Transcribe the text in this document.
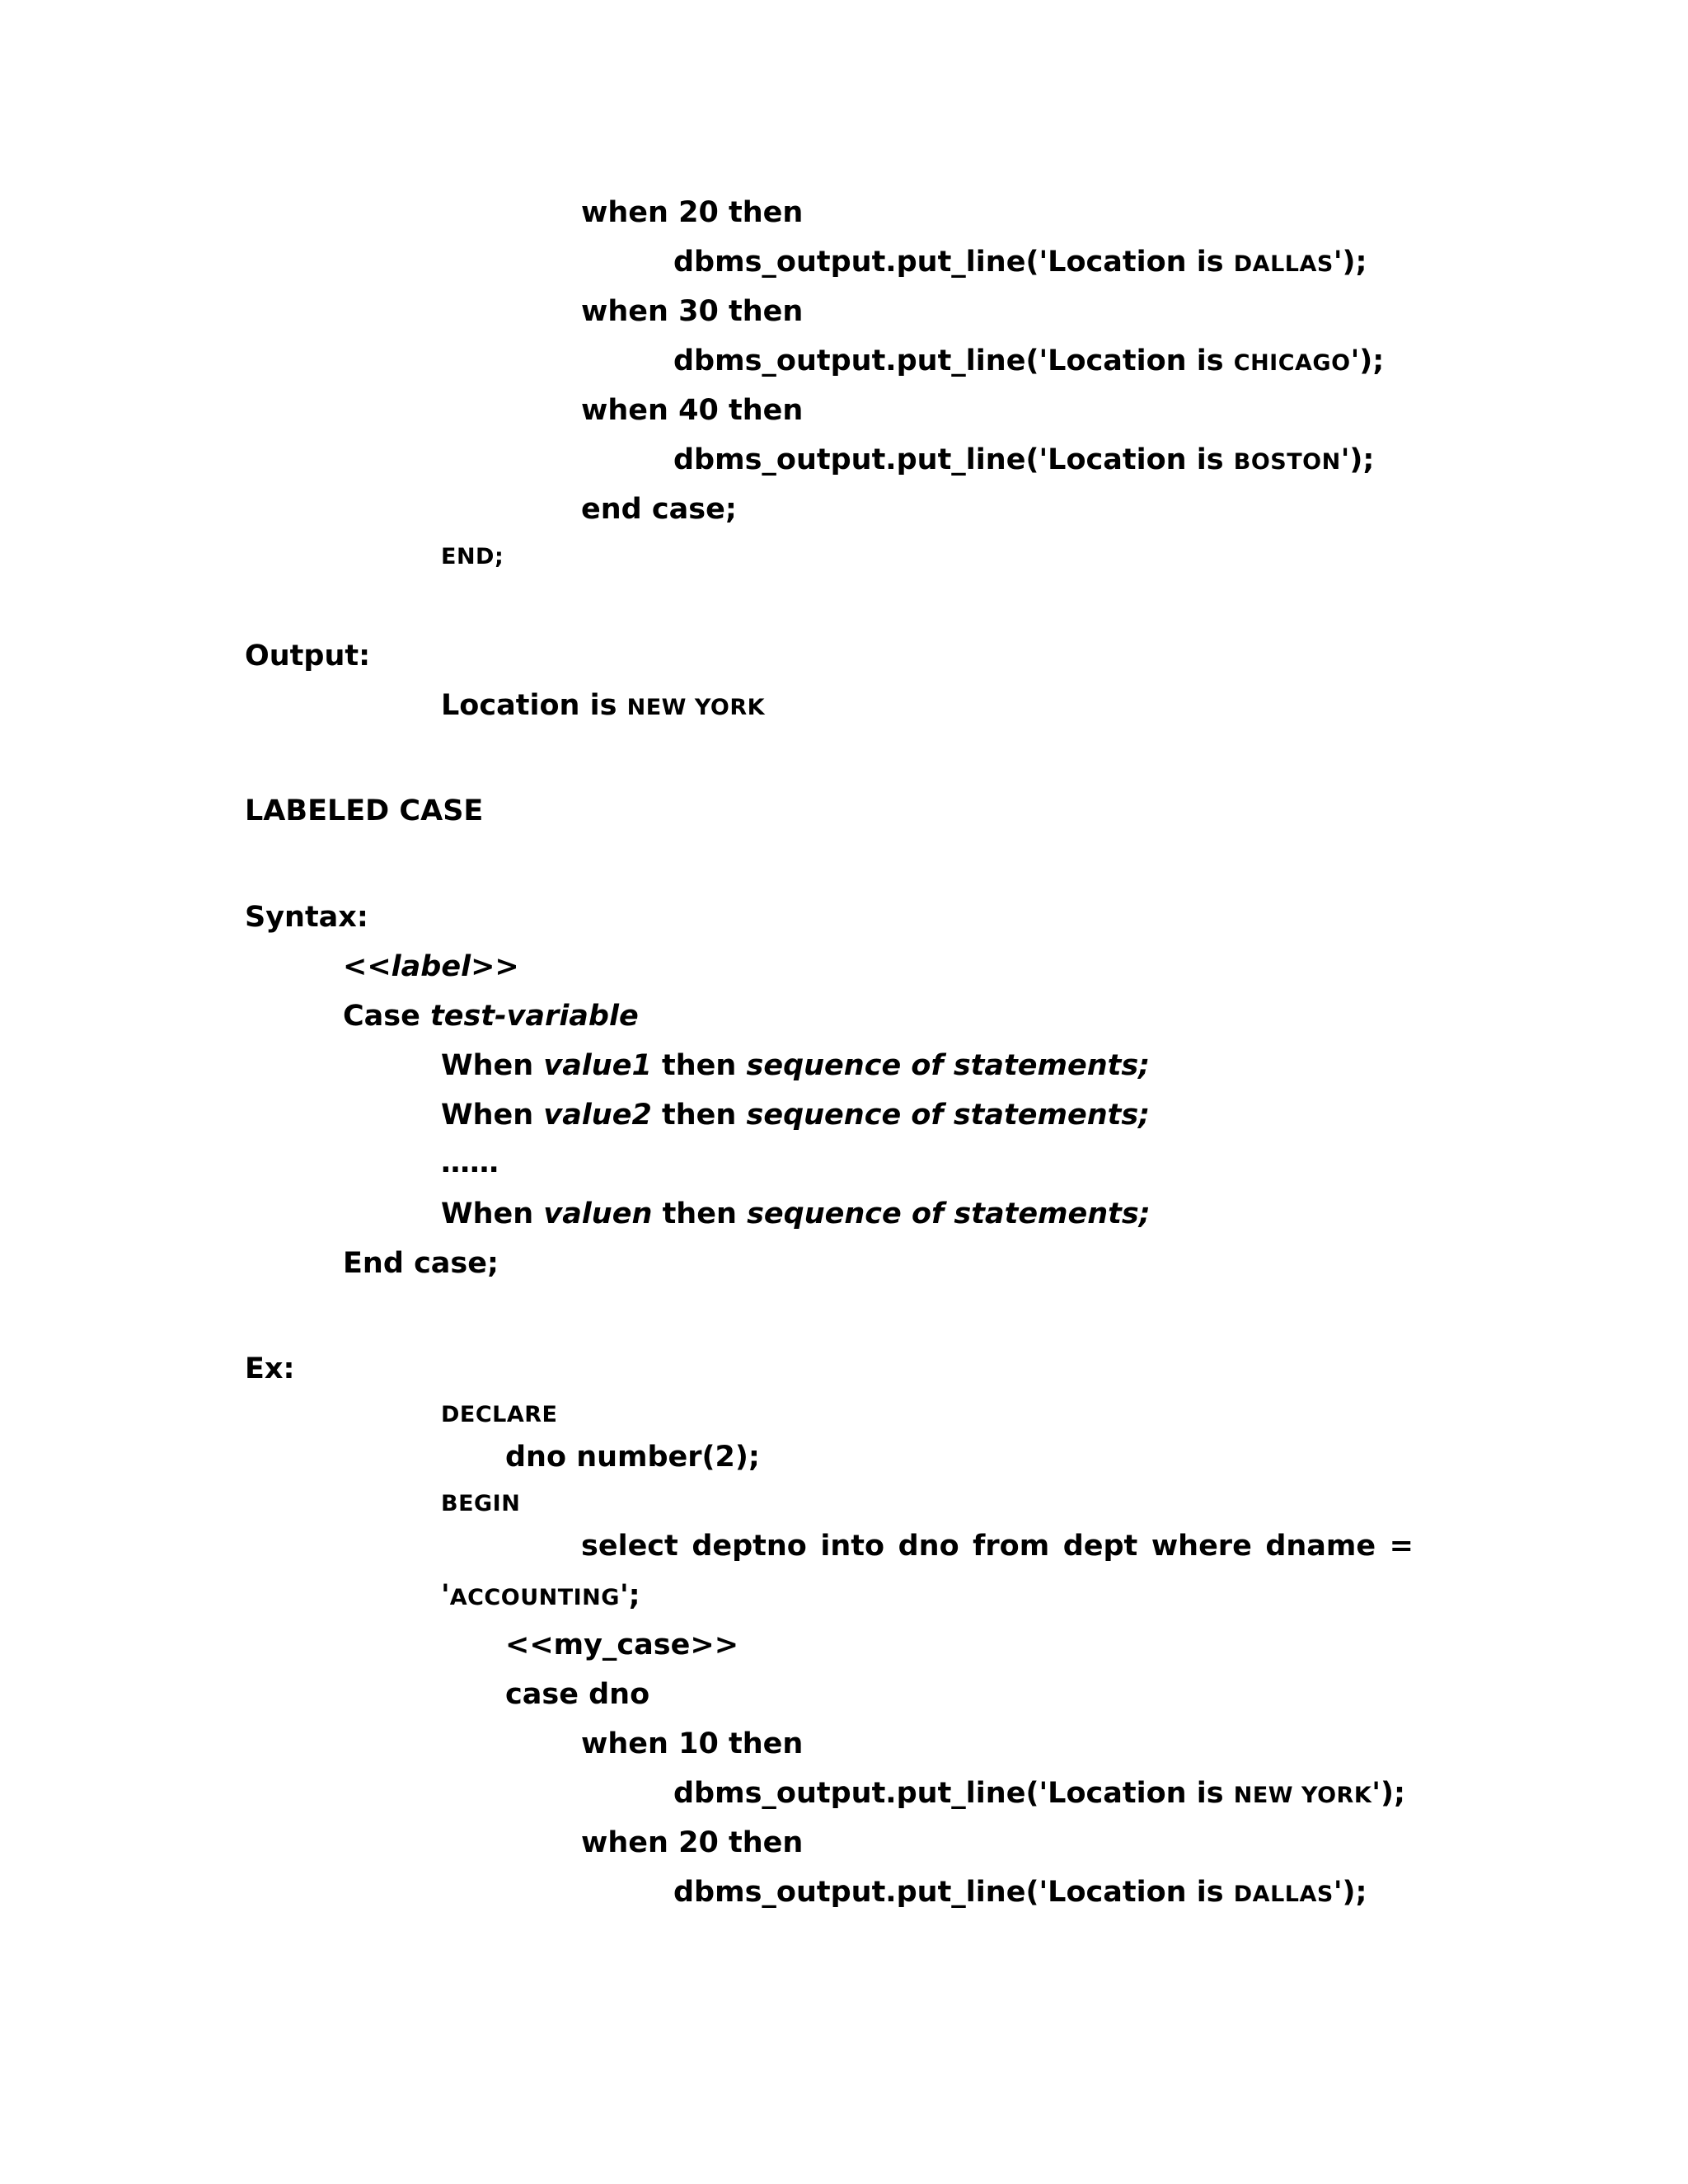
when 20 then
dbms_output.put_line('Location is DALLAS');
when 30 then
dbms_output.put_line('Location is CHICAGO');
when 40 then
dbms_output.put_line('Location is BOSTON');
end case;
END;
Output:
Location is NEW YORK
LABELED CASE
Syntax:
<<label>>
Case test-variable
When value1 then sequence of statements;
When value2 then sequence of statements;
……
When valuen then sequence of statements;
End case;
Ex:
DECLARE
dno number(2);
BEGIN
select deptno into dno from dept where dname =
'ACCOUNTING';
<<my_case>>
case dno
when 10 then
dbms_output.put_line('Location is NEW YORK');
when 20 then
dbms_output.put_line('Location is DALLAS');
